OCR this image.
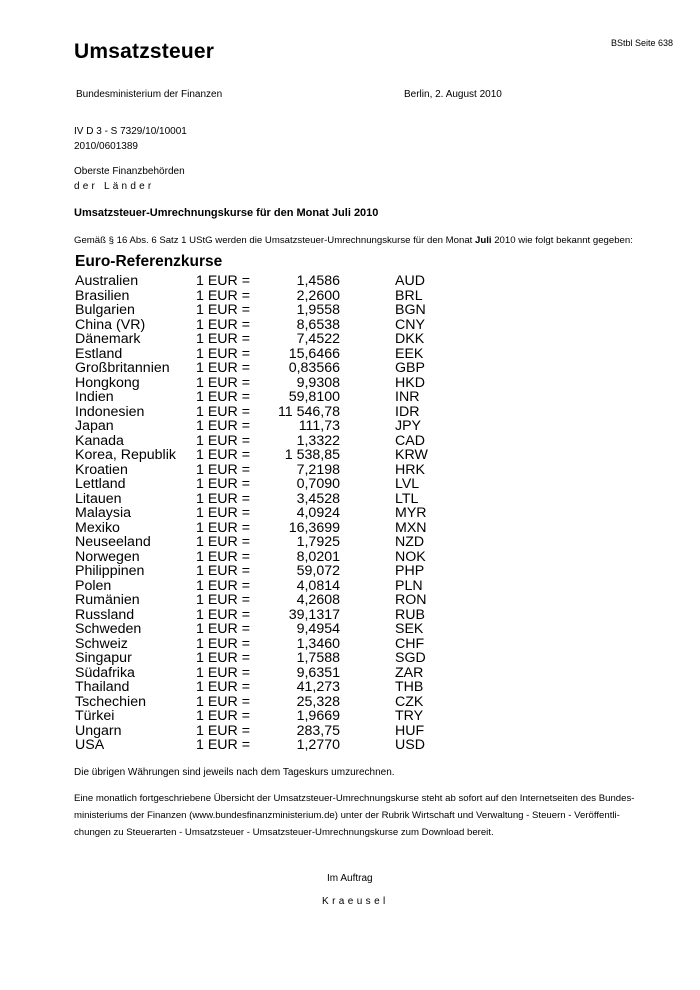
BStbl Seite 638
Umsatzsteuer
Bundesministerium der Finanzen	Berlin, 2. August 2010
IV D 3 - S 7329/10/10001
2010/0601389
Oberste Finanzbehörden
der Länder
Umsatzsteuer-Umrechnungskurse für den Monat Juli 2010
Gemäß § 16 Abs. 6 Satz 1 UStG werden die Umsatzsteuer-Umrechnungskurse für den Monat Juli 2010 wie folgt bekannt gegeben:
Euro-Referenzkurse
Australien	1 EUR =	1,4586	AUD
Brasilien	1 EUR =	2,2600	BRL
Bulgarien	1 EUR =	1,9558	BGN
China (VR)	1 EUR =	8,6538	CNY
Dänemark	1 EUR =	7,4522	DKK
Estland	1 EUR =	15,6466	EEK
Großbritannien 1 EUR =	0,83566	GBP
Hongkong	1 EUR =	9,9308	HKD
Indien	1 EUR =	59,8100	INR
Indonesien	1 EUR = 11 546,78	IDR
Japan	1 EUR =	111,73	JPY
Kanada	1 EUR =	1,3322	CAD
Korea, Republik 1 EUR = 1 538,85	KRW
Kroatien	1 EUR =	7,2198	HRK
Lettland	1 EUR =	0,7090	LVL
Litauen	1 EUR =	3,4528	LTL
Malaysia	1 EUR =	4,0924	MYR
Mexiko	1 EUR =	16,3699	MXN
Neuseeland	1 EUR =	1,7925	NZD
Norwegen	1 EUR =	8,0201	NOK
Philippinen	1 EUR =	59,072	PHP
Polen	1 EUR =	4,0814	PLN
Rumänien	1 EUR =	4,2608	RON
Russland	1 EUR =	39,1317	RUB
Schweden	1 EUR =	9,4954	SEK
Schweiz	1 EUR =	1,3460	CHF
Singapur	1 EUR =	1,7588	SGD
Südafrika	1 EUR =	9,6351	ZAR
Thailand	1 EUR =	41,273	THB
Tschechien	1 EUR =	25,328	CZK
Türkei	1 EUR =	1,9669	TRY
Ungarn	1 EUR =	283,75	HUF
USA	1 EUR =	1,2770	USD
Die übrigen Währungen sind jeweils nach dem Tageskurs umzurechnen.
Eine monatlich fortgeschriebene Übersicht der Umsatzsteuer-Umrechnungskurse steht ab sofort auf den Internetseiten des Bundes-
ministeriums der Finanzen (www.bundesfinanzministerium.de) unter der Rubrik Wirtschaft und Verwaltung - Steuern - Veröffentli-
chungen zu Steuerarten - Umsatzsteuer - Umsatzsteuer-Umrechnungskurse zum Download bereit.
Im Auftrag
Kraeusel
